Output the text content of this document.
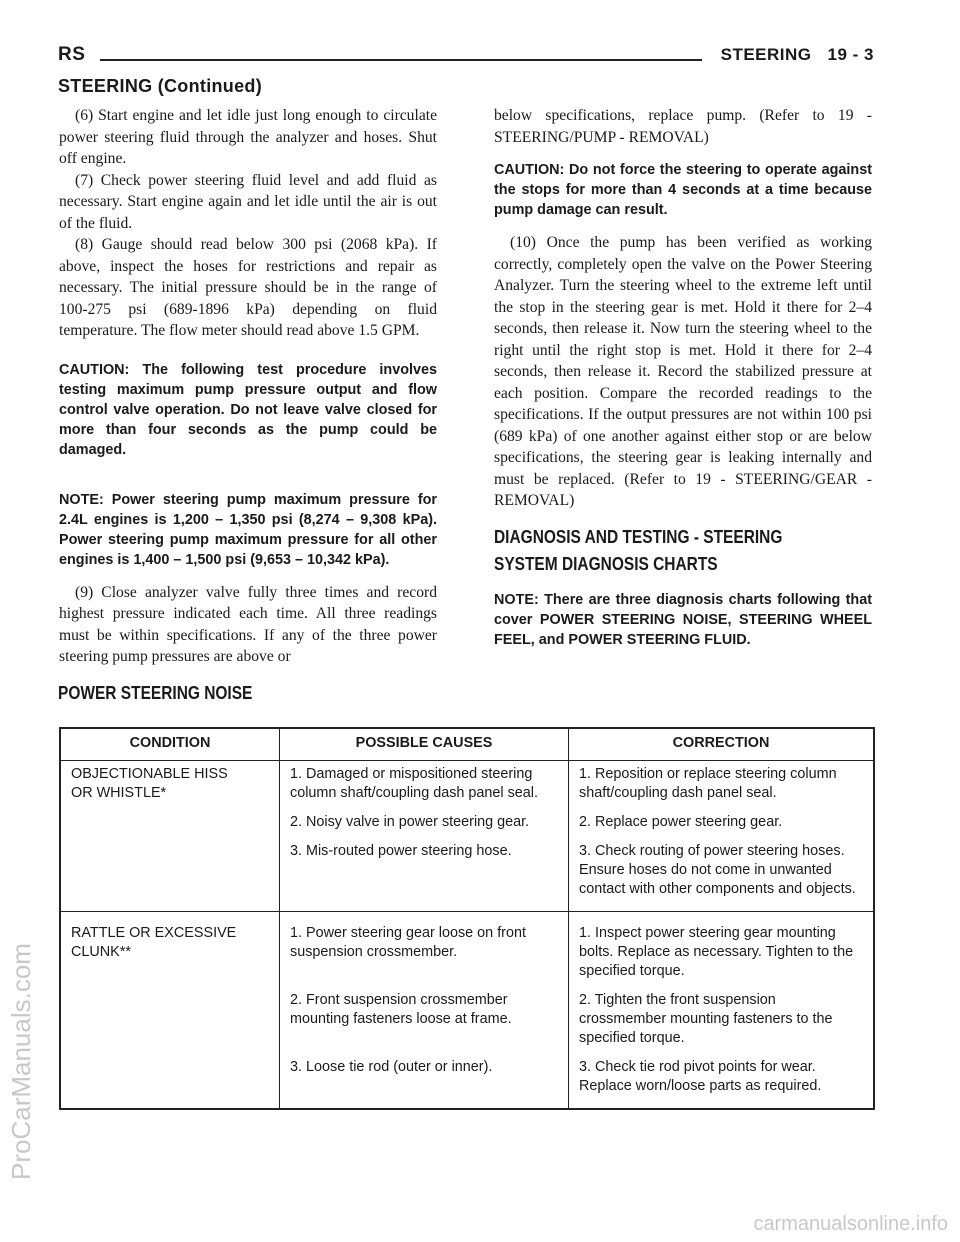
RS	STEERING 19 - 3
STEERING (Continued)

(6) Start engine and let idle just long enough to circulate power steering fluid through the analyzer and hoses. Shut off engine.

(7) Check power steering fluid level and add fluid as necessary. Start engine again and let idle until the air is out of the fluid.

(8) Gauge should read below 300 psi (2068 kPa). If above, inspect the hoses for restrictions and repair as necessary. The initial pressure should be in the range of 100-275 psi (689-1896 kPa) depending on fluid temperature. The flow meter should read above 1.5 GPM.

CAUTION: The following test procedure involves testing maximum pump pressure output and flow control valve operation. Do not leave valve closed for more than four seconds as the pump could be damaged.

NOTE: Power steering pump maximum pressure for 2.4L engines is 1,200 – 1,350 psi (8,274 – 9,308 kPa). Power steering pump maximum pressure for all other engines is 1,400 – 1,500 psi (9,653 – 10,342 kPa).

(9) Close analyzer valve fully three times and record highest pressure indicated each time. All three readings must be within specifications. If any of the three power steering pump pressures are above or

below specifications, replace pump. (Refer to 19 - STEERING/PUMP - REMOVAL)

CAUTION: Do not force the steering to operate against the stops for more than 4 seconds at a time because pump damage can result.

(10) Once the pump has been verified as working correctly, completely open the valve on the Power Steering Analyzer. Turn the steering wheel to the extreme left until the stop in the steering gear is met. Hold it there for 2–4 seconds, then release it. Now turn the steering wheel to the right until the right stop is met. Hold it there for 2–4 seconds, then release it. Record the stabilized pressure at each position. Compare the recorded readings to the specifications. If the output pressures are not within 100 psi (689 kPa) of one another against either stop or are below specifications, the steering gear is leaking internally and must be replaced. (Refer to 19 - STEERING/GEAR - REMOVAL)

DIAGNOSIS AND TESTING - STEERING
SYSTEM DIAGNOSIS CHARTS

NOTE: There are three diagnosis charts following that cover POWER STEERING NOISE, STEERING WHEEL FEEL, and POWER STEERING FLUID.

POWER STEERING NOISE
CONDITION	POSSIBLE CAUSES	CORRECTION

OBJECTIONABLE HISS
OR WHISTLE*	1. Damaged or mispositioned steering column shaft/coupling dash panel seal.	1. Reposition or replace steering column shaft/coupling dash panel seal.
	2. Noisy valve in power steering gear.	2. Replace power steering gear.
	3. Mis-routed power steering hose.	3. Check routing of power steering hoses. Ensure hoses do not come in unwanted contact with other components and objects.

RATTLE OR EXCESSIVE
CLUNK**	1. Power steering gear loose on front suspension crossmember.	1. Inspect power steering gear mounting bolts. Replace as necessary. Tighten to the specified torque.
	2. Front suspension crossmember mounting fasteners loose at frame.	2. Tighten the front suspension crossmember mounting fasteners to the specified torque.
	3. Loose tie rod (outer or inner).	3. Check tie rod pivot points for wear. Replace worn/loose parts as required.
ProCarManuals.com
carmanualsonline.info
